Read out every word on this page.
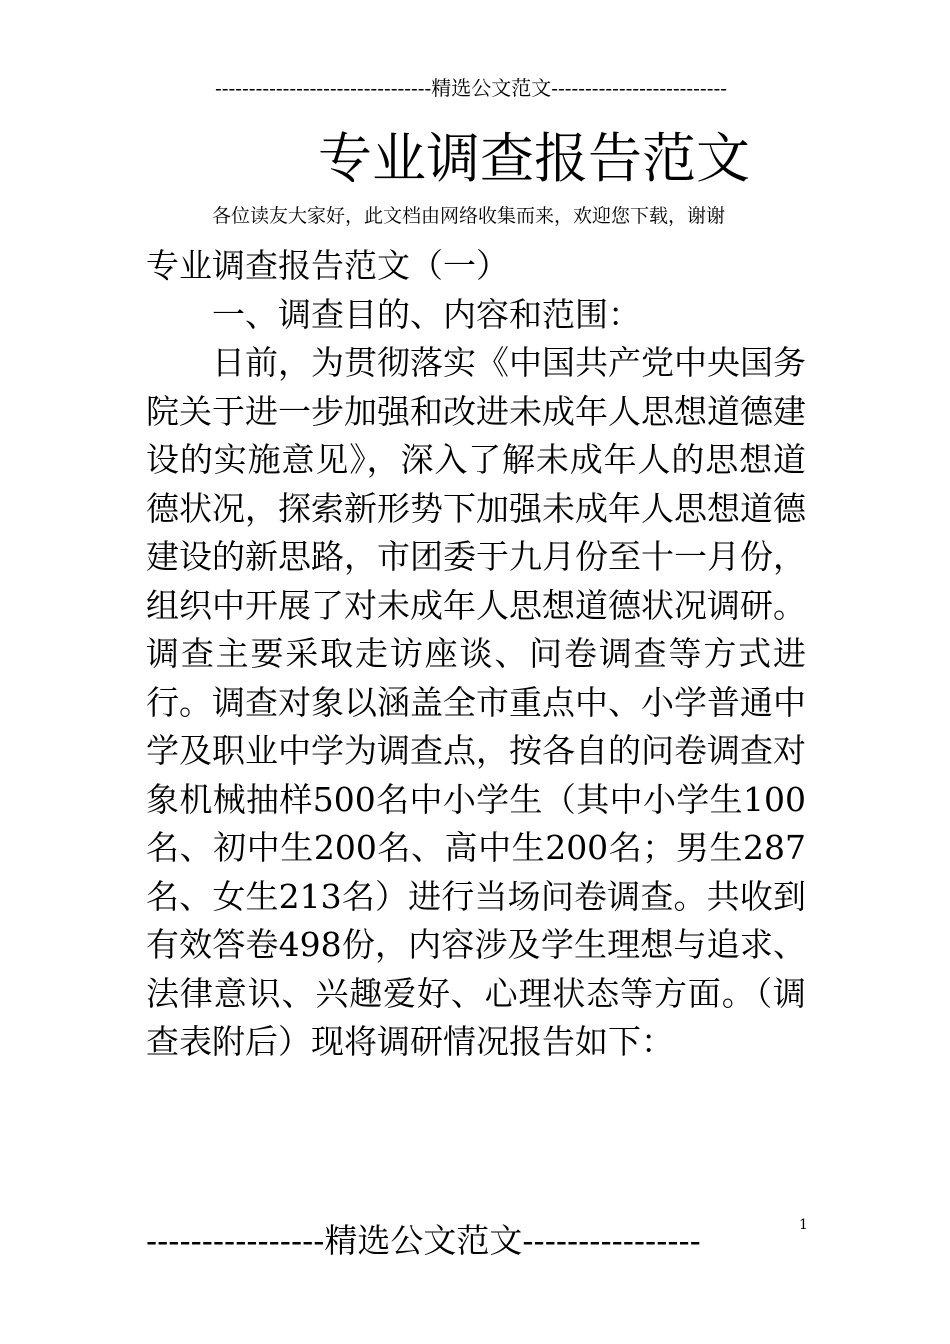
--------------------------------精选公文范文--------------------------
专业调查报告范文
各位读友大家好，此文档由网络收集而来，欢迎您下载，谢谢

专业调查报告范文（一）

一、调查目的、内容和范围：

日前，为贯彻落实《中国共产党中央国务院关于进一步加强和改进未成年人思想道德建设的实施意见》，深入了解未成年人的思想道德状况，探索新形势下加强未成年人思想道德建设的新思路，市团委于九月份至十一月份，组织中开展了对未成年人思想道德状况调研。调查主要采取走访座谈、问卷调查等方式进行。调查对象以涵盖全市重点中、小学普通中学及职业中学为调查点，按各自的问卷调查对象机械抽样500名中小学生（其中小学生100名、初中生200名、高中生200名；男生287名、女生213名）进行当场问卷调查。共收到有效答卷498份，内容涉及学生理想与追求、法律意识、兴趣爱好、心理状态等方面。（调查表附后）现将调研情况报告如下：

----------------精选公文范文----------------	1
